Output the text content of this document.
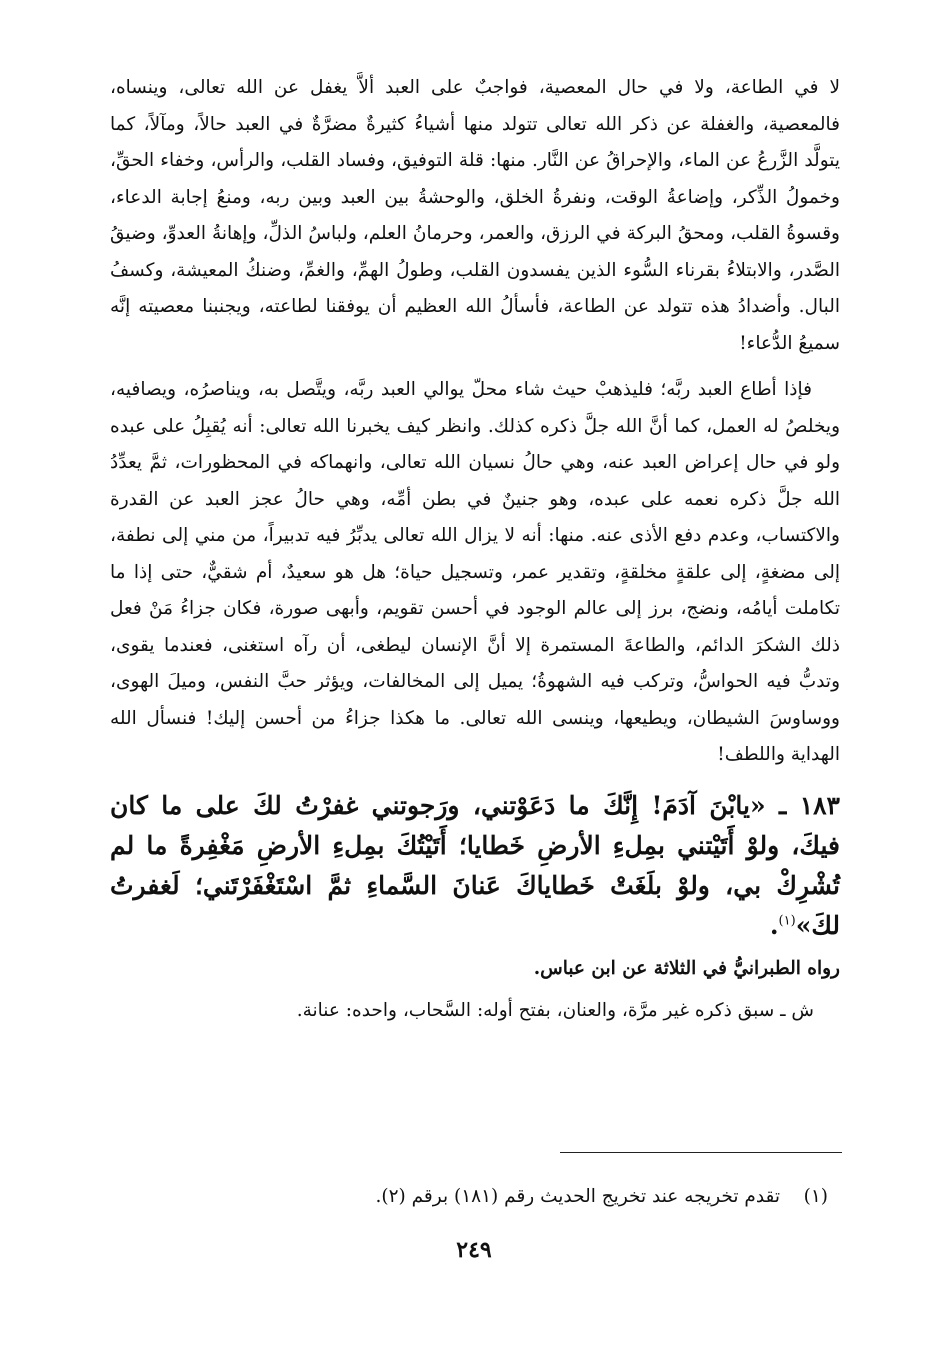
لا في الطاعة، ولا في حال المعصية، فواجبٌ على العبد ألاَّ يغفل عن الله تعالى، وينساه، فالمعصية، والغفلة عن ذكر الله تعالى تتولد منها أشياءُ كثيرةٌ مضرَّةٌ في العبد حالاً، ومآلاً، كما يتولَّد الزَّرعُ عن الماء، والإحراقُ عن النَّار. منها: قلة التوفيق، وفساد القلب، والرأس، وخفاء الحقِّ، وخمولُ الذِّكر، وإضاعةُ الوقت، ونفرةُ الخلق، والوحشةُ بين العبد وبين ربه، ومنعُ إجابة الدعاء، وقسوةُ القلب، ومحقُ البركة في الرزق، والعمر، وحرمانُ العلم، ولباسُ الذلِّ، وإهانةُ العدوِّ، وضيقُ الصَّدر، والابتلاءُ بقرناء السُّوء الذين يفسدون القلب، وطولُ الهمِّ، والغمِّ، وضنكُ المعيشة، وكسفُ البال. وأضدادُ هذه تتولد عن الطاعة، فأسألُ الله العظيم أن يوفقنا لطاعته، ويجنبنا معصيته إنَّه سميعُ الدُّعاء!

فإذا أطاع العبد ربَّه؛ فليذهبْ حيث شاء محلّ يوالي العبد ربَّه، ويتَّصل به، ويناصرُه، ويصافيه، ويخلصُ له العمل، كما أنَّ الله جلَّ ذكره كذلك. وانظر كيف يخبرنا الله تعالى: أنه يُقبِلُ على عبده ولو في حال إعراض العبد عنه، وهي حالُ نسيان الله تعالى، وانهماكه في المحظورات، ثمَّ يعدِّدُ الله جلَّ ذكره نعمه على عبده، وهو جنينٌ في بطن أمِّه، وهي حالُ عجز العبد عن القدرة والاكتساب، وعدم دفع الأذى عنه. منها: أنه لا يزال الله تعالى يدبِّرُ فيه تدبيراً، من مني إلى نطفة، إلى مضغةٍ، إلى علقةٍ مخلقةٍ، وتقدير عمر، وتسجيل حياة؛ هل هو سعيدٌ، أم شقيٌّ، حتى إذا ما تكاملت أيامُه، ونضج، برز إلى عالم الوجود في أحسن تقويم، وأبهى صورة، فكان جزاءُ مَنْ فعل ذلك الشكرَ الدائم، والطاعةَ المستمرة إلا أنَّ الإنسان ليطغى، أن رآه استغنى، فعندما يقوى، وتدبُّ فيه الحواسُّ، وتركب فيه الشهوةُ؛ يميل إلى المخالفات، ويؤثر حبَّ النفس، وميلَ الهوى، ووساوسَ الشيطان، ويطيعها، وينسى الله تعالى. ما هكذا جزاءُ من أحسن إليك! فنسأل الله الهداية واللطف!

١٨٣ ـ «يابْنَ آدَمَ! إِنَّكَ ما دَعَوْتني، ورَجوتني غفرْتُ لكَ على ما كان فيكَ، ولوْ أَتَيْتني بمِلءِ الأرضِ خَطايا؛ أَتَيْتُكَ بمِلءِ الأرضِ مَغْفِرةً ما لم تُشْرِكْ بي، ولوْ بلَغَتْ خَطاياكَ عَنانَ السَّماءِ ثمَّ اسْتَغْفَرْتَني؛ لَغفرتُ لكَ»$^{(١)}$.

رواه الطبرانيُّ في الثلاثة عن ابن عباس.

ش ـ سبق ذكره غير مرَّة، والعنان، بفتح أوله: السَّحاب، واحده: عنانة.

(١)    تقدم تخريجه عند تخريج الحديث رقم (١٨١) برقم (٢).
٢٤٩
